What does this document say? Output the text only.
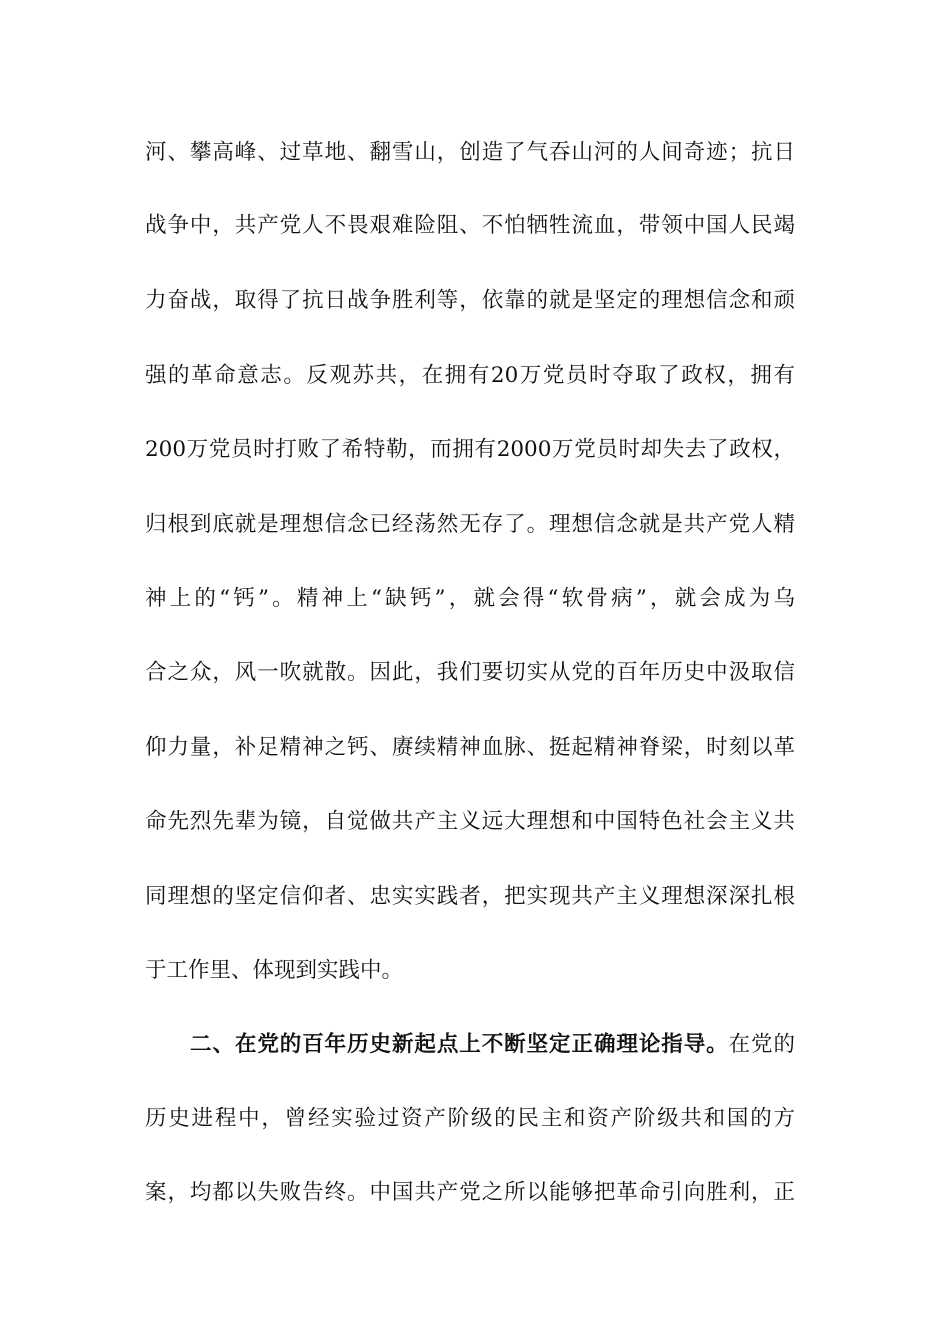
河、攀高峰、过草地、翻雪山，创造了气吞山河的人间奇迹；抗日
战争中，共产党人不畏艰难险阻、不怕牺牲流血，带领中国人民竭
力奋战，取得了抗日战争胜利等，依靠的就是坚定的理想信念和顽
强的革命意志。反观苏共，在拥有20万党员时夺取了政权，拥有
200万党员时打败了希特勒，而拥有2000万党员时却失去了政权，
归根到底就是理想信念已经荡然无存了。理想信念就是共产党人精
神上的“钙”。精神上“缺钙”，就会得“软骨病”，就会成为乌
合之众，风一吹就散。因此，我们要切实从党的百年历史中汲取信
仰力量，补足精神之钙、赓续精神血脉、挺起精神脊梁，时刻以革
命先烈先辈为镜，自觉做共产主义远大理想和中国特色社会主义共
同理想的坚定信仰者、忠实实践者，把实现共产主义理想深深扎根
于工作里、体现到实践中。
二、在党的百年历史新起点上不断坚定正确理论指导。在党的
历史进程中，曾经实验过资产阶级的民主和资产阶级共和国的方
案，均都以失败告终。中国共产党之所以能够把革命引向胜利，正
